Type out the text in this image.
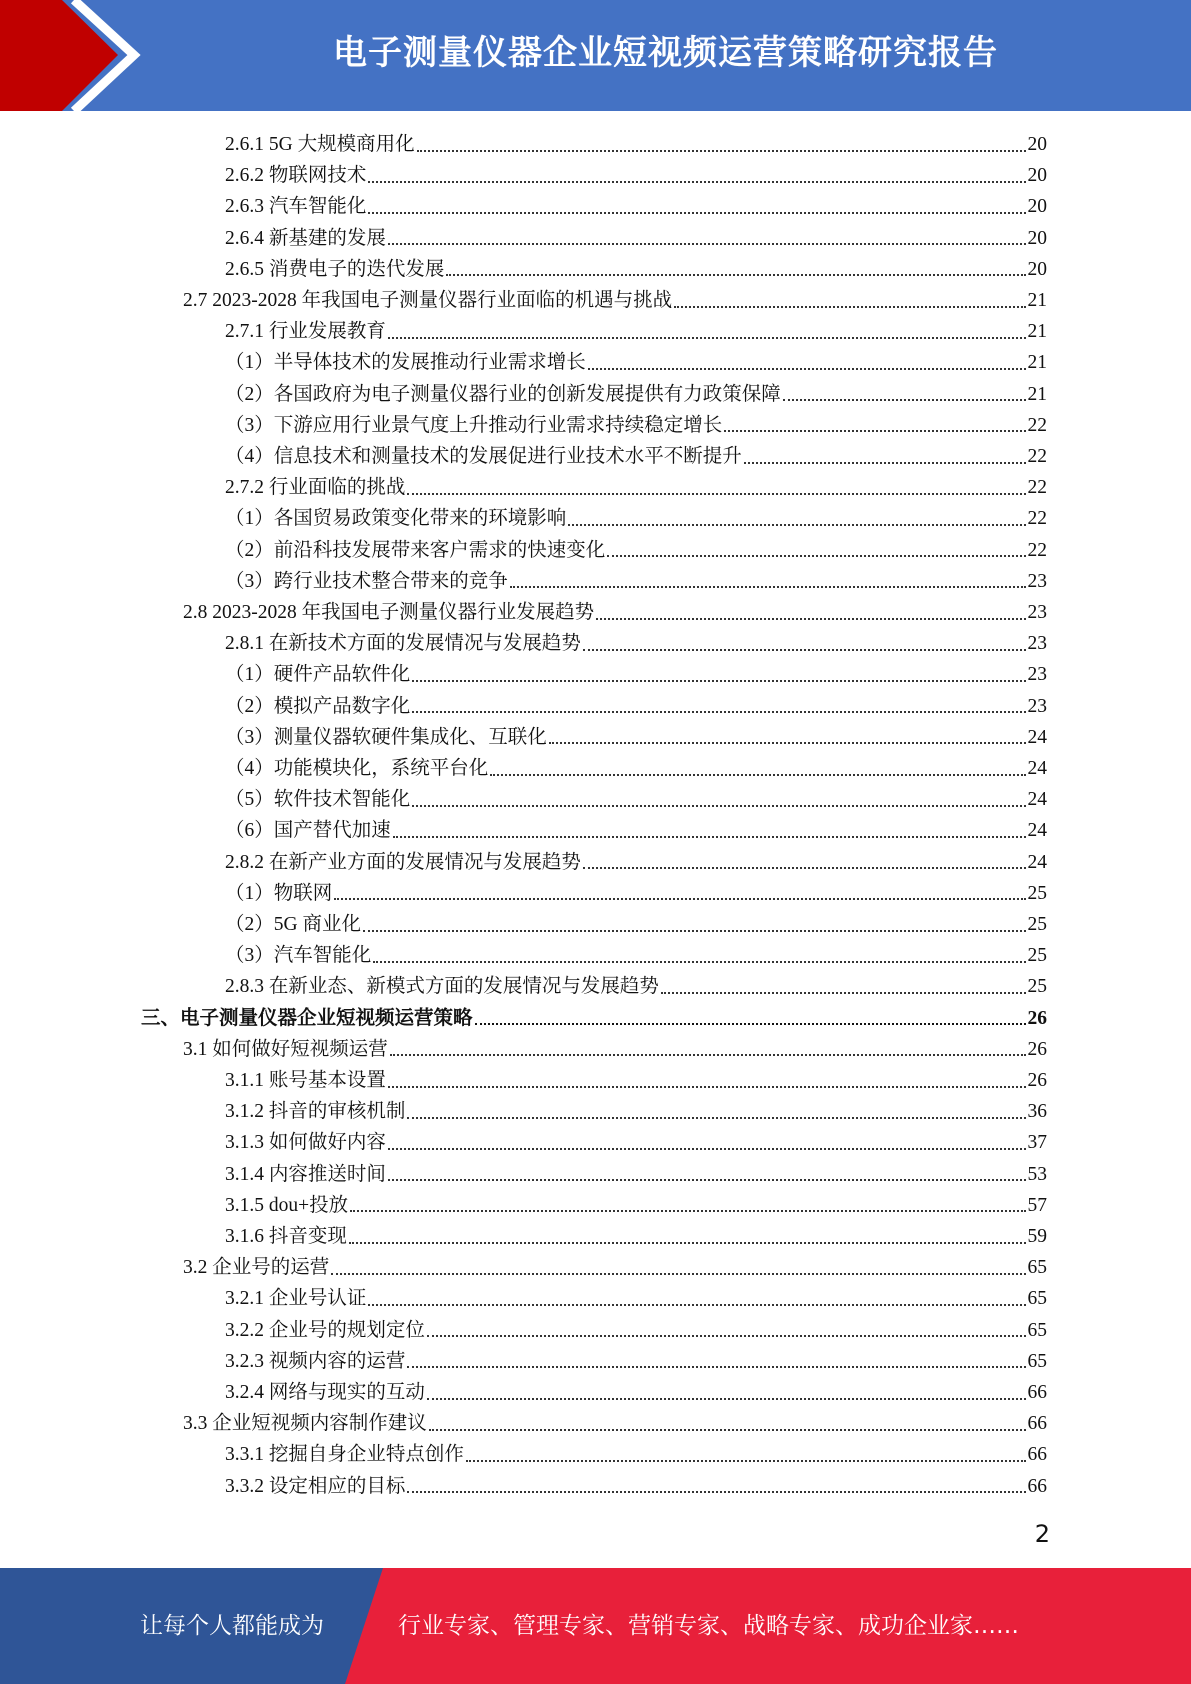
电子测量仪器企业短视频运营策略研究报告
2.6.1 5G 大规模商用化	20
2.6.2 物联网技术	20
2.6.3 汽车智能化	20
2.6.4 新基建的发展	20
2.6.5 消费电子的迭代发展	20
2.7 2023-2028 年我国电子测量仪器行业面临的机遇与挑战	21
2.7.1 行业发展教育	21
（1）半导体技术的发展推动行业需求增长	21
（2）各国政府为电子测量仪器行业的创新发展提供有力政策保障	21
（3）下游应用行业景气度上升推动行业需求持续稳定增长	22
（4）信息技术和测量技术的发展促进行业技术水平不断提升	22
2.7.2 行业面临的挑战	22
（1）各国贸易政策变化带来的环境影响	22
（2）前沿科技发展带来客户需求的快速变化	22
（3）跨行业技术整合带来的竞争	23
2.8 2023-2028 年我国电子测量仪器行业发展趋势	23
2.8.1 在新技术方面的发展情况与发展趋势	23
（1）硬件产品软件化	23
（2）模拟产品数字化	23
（3）测量仪器软硬件集成化、互联化	24
（4）功能模块化，系统平台化	24
（5）软件技术智能化	24
（6）国产替代加速	24
2.8.2 在新产业方面的发展情况与发展趋势	24
（1）物联网	25
（2）5G 商业化	25
（3）汽车智能化	25
2.8.3 在新业态、新模式方面的发展情况与发展趋势	25
三、电子测量仪器企业短视频运营策略	26
3.1 如何做好短视频运营	26
3.1.1 账号基本设置	26
3.1.2 抖音的审核机制	36
3.1.3 如何做好内容	37
3.1.4 内容推送时间	53
3.1.5 dou+投放	57
3.1.6 抖音变现	59
3.2 企业号的运营	65
3.2.1 企业号认证	65
3.2.2 企业号的规划定位	65
3.2.3 视频内容的运营	65
3.2.4 网络与现实的互动	66
3.3 企业短视频内容制作建议	66
3.3.1 挖掘自身企业特点创作	66
3.3.2 设定相应的目标	66
2
让每个人都能成为	行业专家、管理专家、营销专家、战略专家、成功企业家……
